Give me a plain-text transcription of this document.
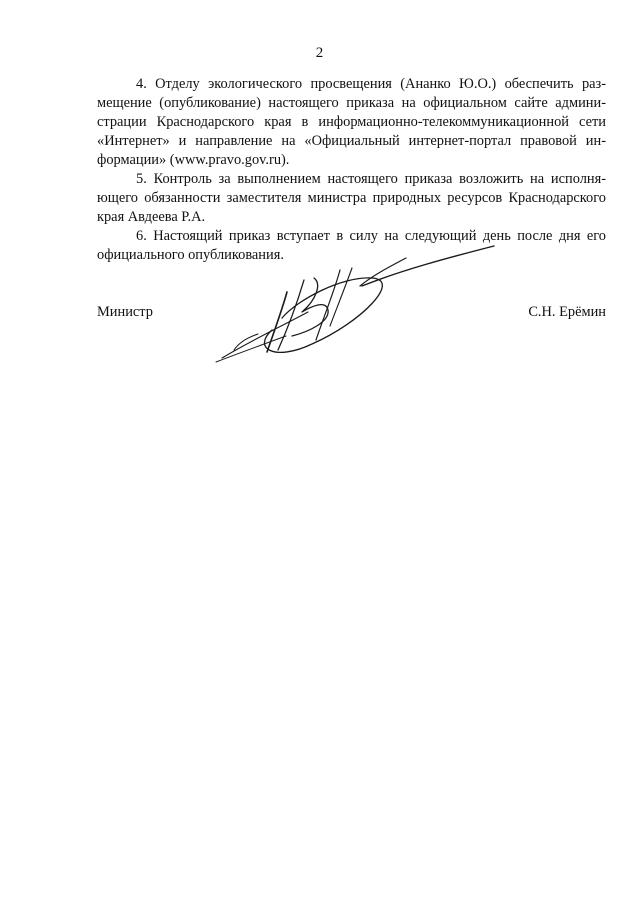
2

4. Отделу экологического просвещения (Ананко Ю.О.) обеспечить раз-
мещение (опубликование) настоящего приказа на официальном сайте админи-
страции Краснодарского края в информационно-телекоммуникационной сети
«Интернет» и направление на «Официальный интернет-портал правовой ин-
формации» (www.pravo.gov.ru).

5. Контроль за выполнением настоящего приказа возложить на исполня-
ющего обязанности заместителя министра природных ресурсов Краснодарского
края Авдеева Р.А.

6. Настоящий приказ вступает в силу на следующий день после дня его
официального опубликования.

Министр	С.Н. Ерёмин
